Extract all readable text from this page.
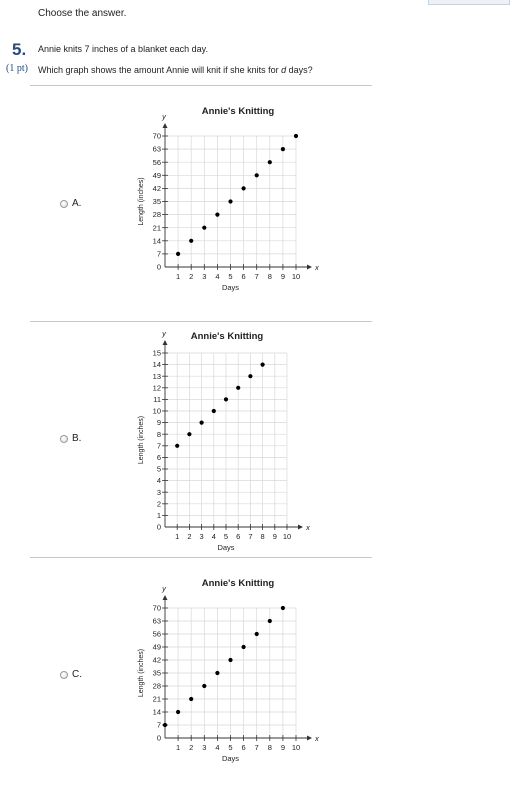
Choose the answer.
5.
(1 pt)
Annie knits 7 inches of a blanket each day.
Which graph shows the amount Annie will knit if she knits for d days?
A.
B.
C.
1 2 3 4 5 6 7 8 9 10
7
14
21
28
35
42
49
56
63
70
0	x
y	Annie's Knitting
Days
Length (inches)
1 2 3 4 5 6 7 8 9 10
1
2
3
4
5
6
7
8
9
10
11
12
13
14
15
0	x
y	Annie's Knitting
Days
Length (inches)
1 2 3 4 5 6 7 8 9 10
7
14
21
28
35
42
49
56
63
70
0	x
y	Annie's Knitting
Days
Length (inches)
